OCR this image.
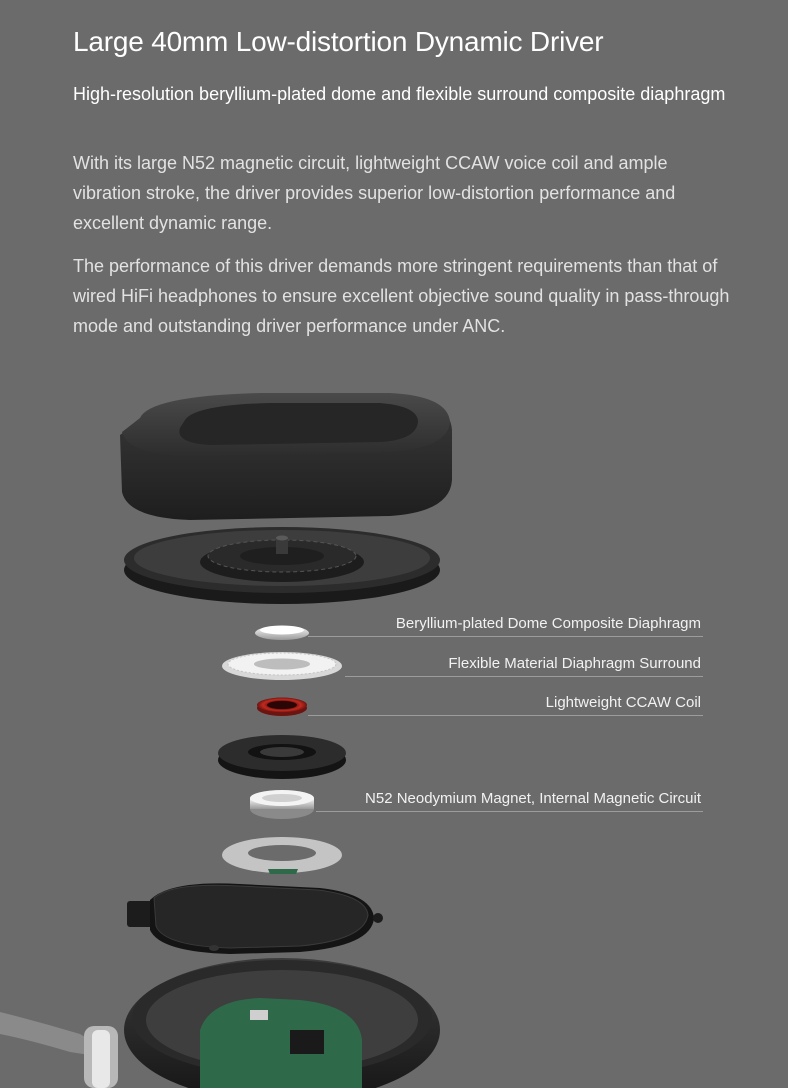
Large 40mm Low-distortion Dynamic Driver

High-resolution beryllium-plated dome and flexible surround composite diaphragm

With its large N52 magnetic circuit, lightweight CCAW voice coil and ample vibration stroke, the driver provides superior low-distortion performance and excellent dynamic range.

The performance of this driver demands more stringent requirements than that of wired HiFi headphones to ensure excellent objective sound quality in pass-through mode and outstanding driver performance under ANC.

Beryllium-plated Dome Composite Diaphragm
Flexible Material Diaphragm Surround
Lightweight CCAW Coil
N52 Neodymium Magnet, Internal Magnetic Circuit
